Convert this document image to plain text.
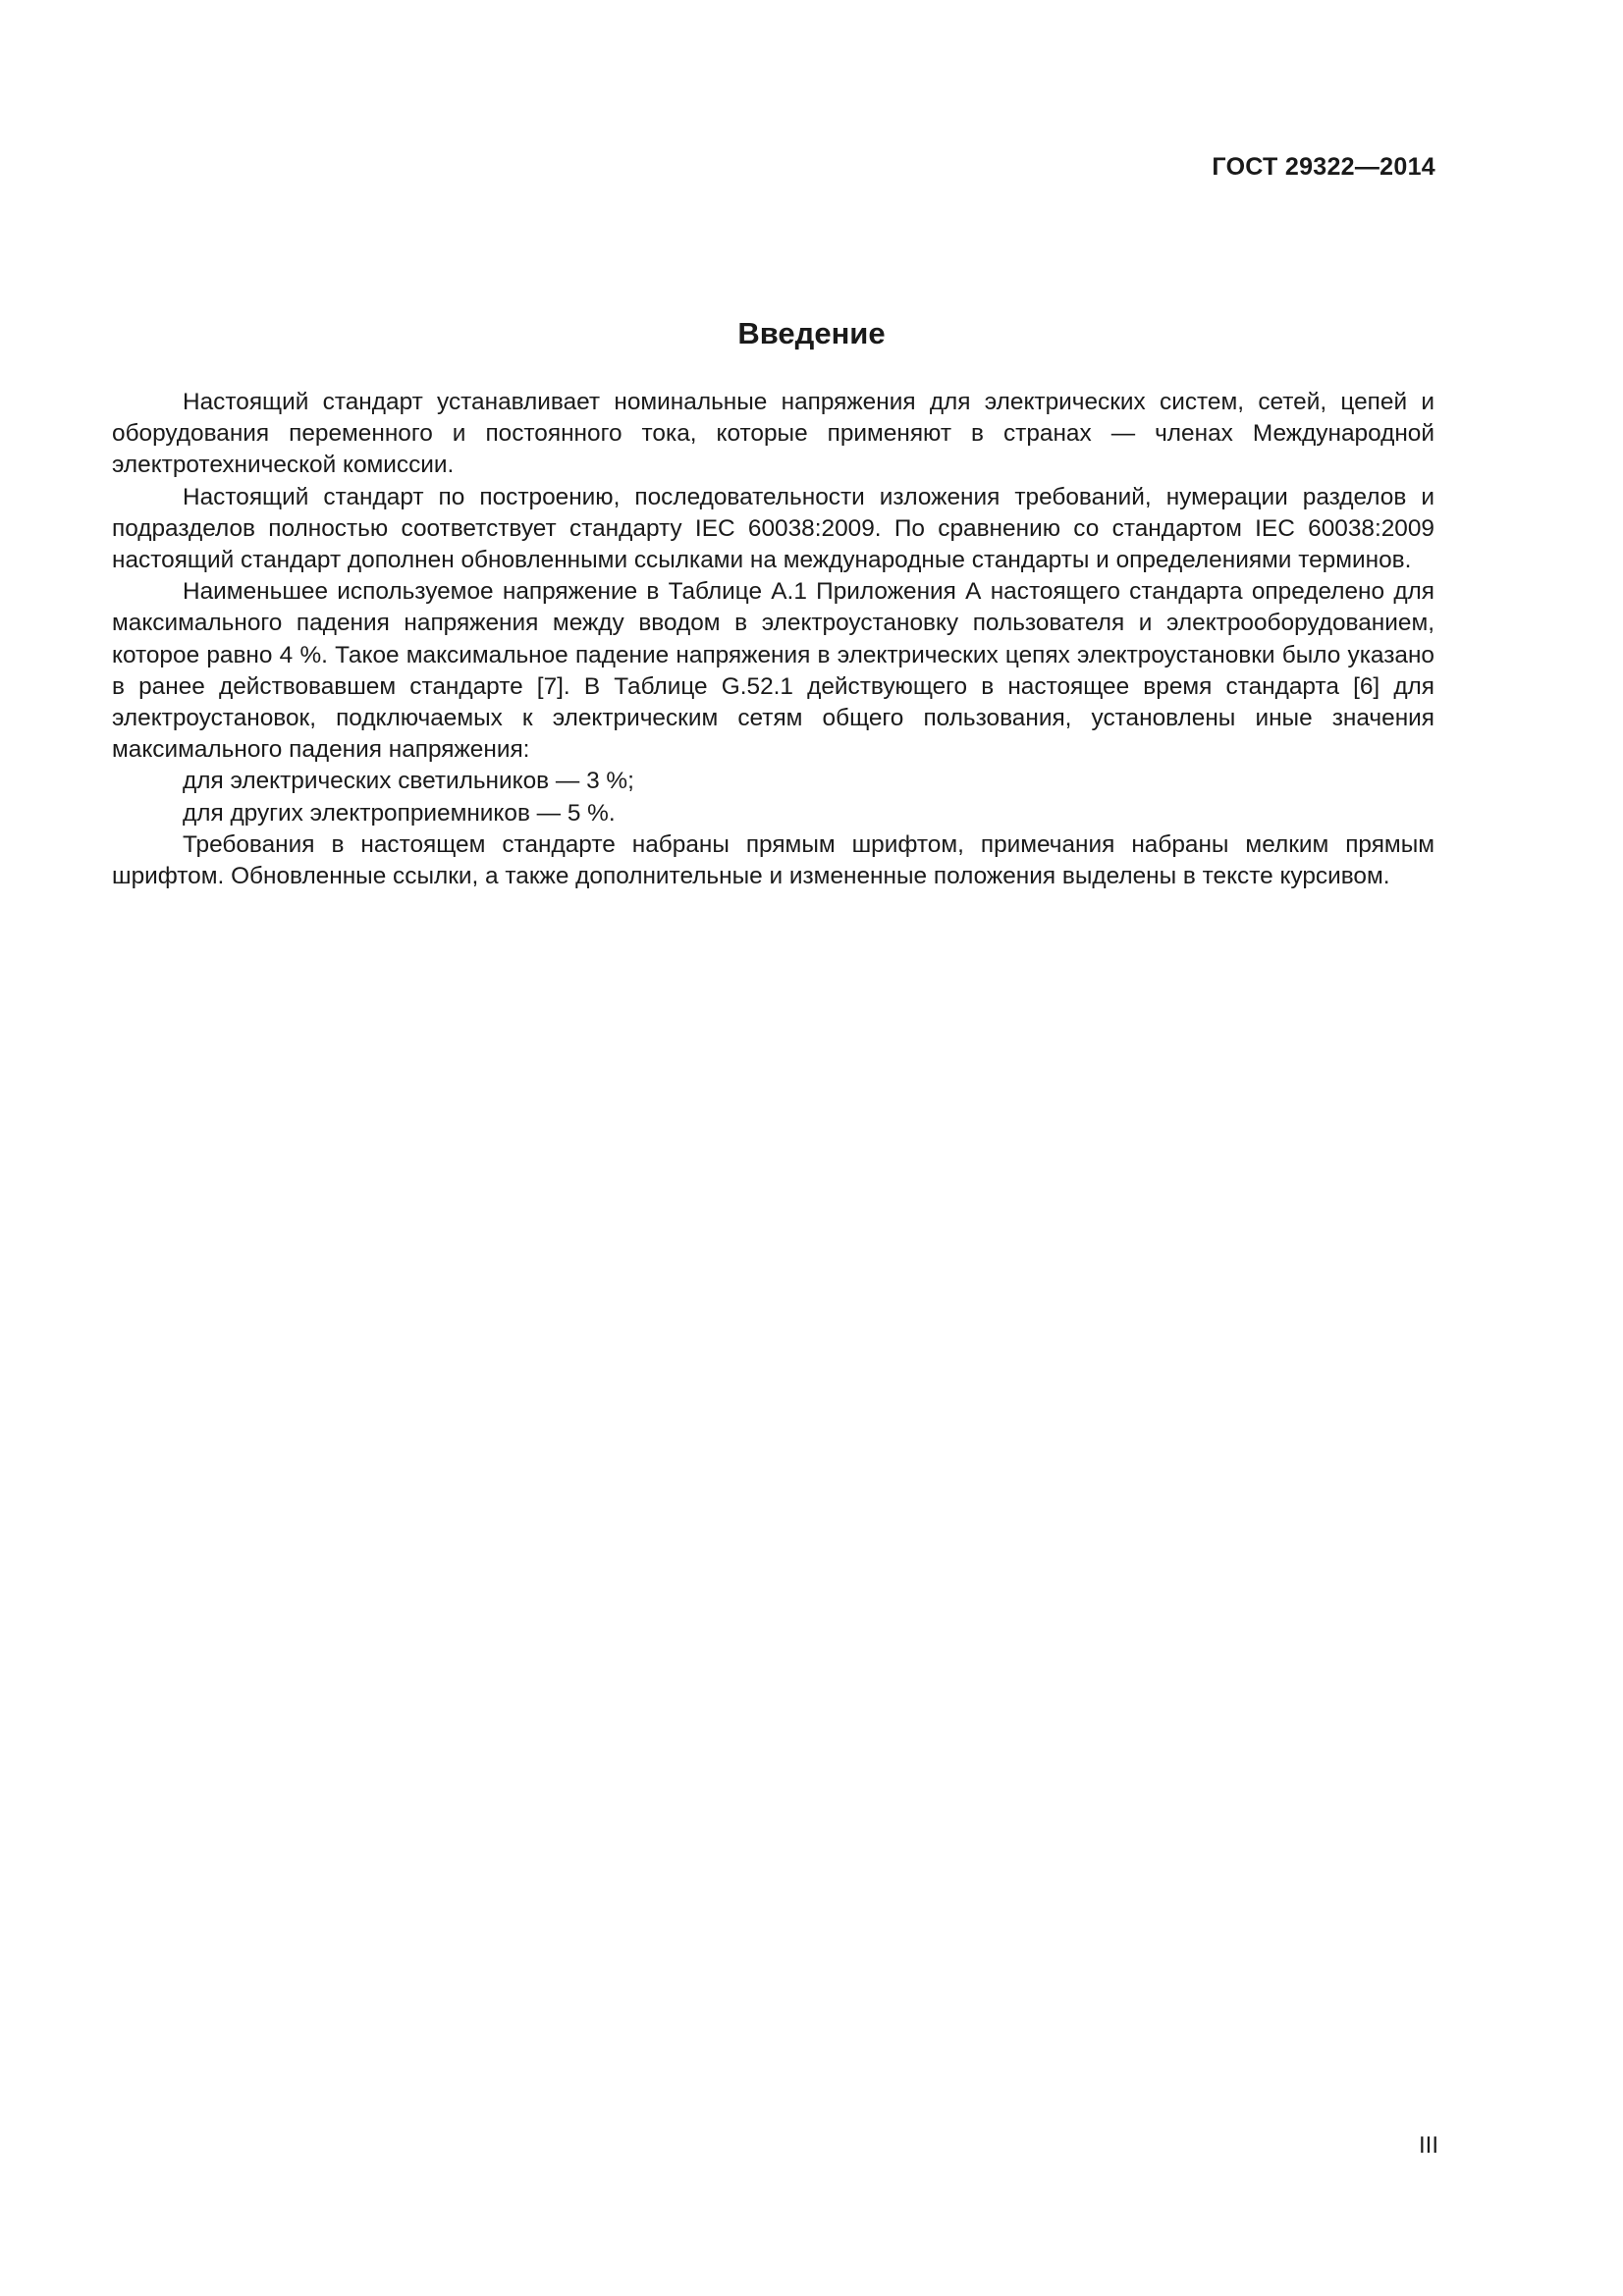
ГОСТ 29322—2014
Введение

Настоящий стандарт устанавливает номинальные напряжения для электрических систем, сетей, цепей и оборудования переменного и постоянного тока, которые применяют в странах — членах Международной электротехнической комиссии.

Настоящий стандарт по построению, последовательности изложения требований, нумерации разделов и подразделов полностью соответствует стандарту IEC 60038:2009. По сравнению со стандартом IEC 60038:2009 настоящий стандарт дополнен обновленными ссылками на международные стандарты и определениями терминов.

Наименьшее используемое напряжение в Таблице А.1 Приложения А настоящего стандарта определено для максимального падения напряжения между вводом в электроустановку пользователя и электрооборудованием, которое равно 4 %. Такое максимальное падение напряжения в электрических цепях электроустановки было указано в ранее действовавшем стандарте [7]. В Таблице G.52.1 действующего в настоящее время стандарта [6] для электроустановок, подключаемых к электрическим сетям общего пользования, установлены иные значения максимального падения напряжения:

для электрических светильников — 3 %;

для других электроприемников — 5 %.

Требования в настоящем стандарте набраны прямым шрифтом, примечания набраны мелким прямым шрифтом. Обновленные ссылки, а также дополнительные и измененные положения выделены в тексте курсивом.

III
